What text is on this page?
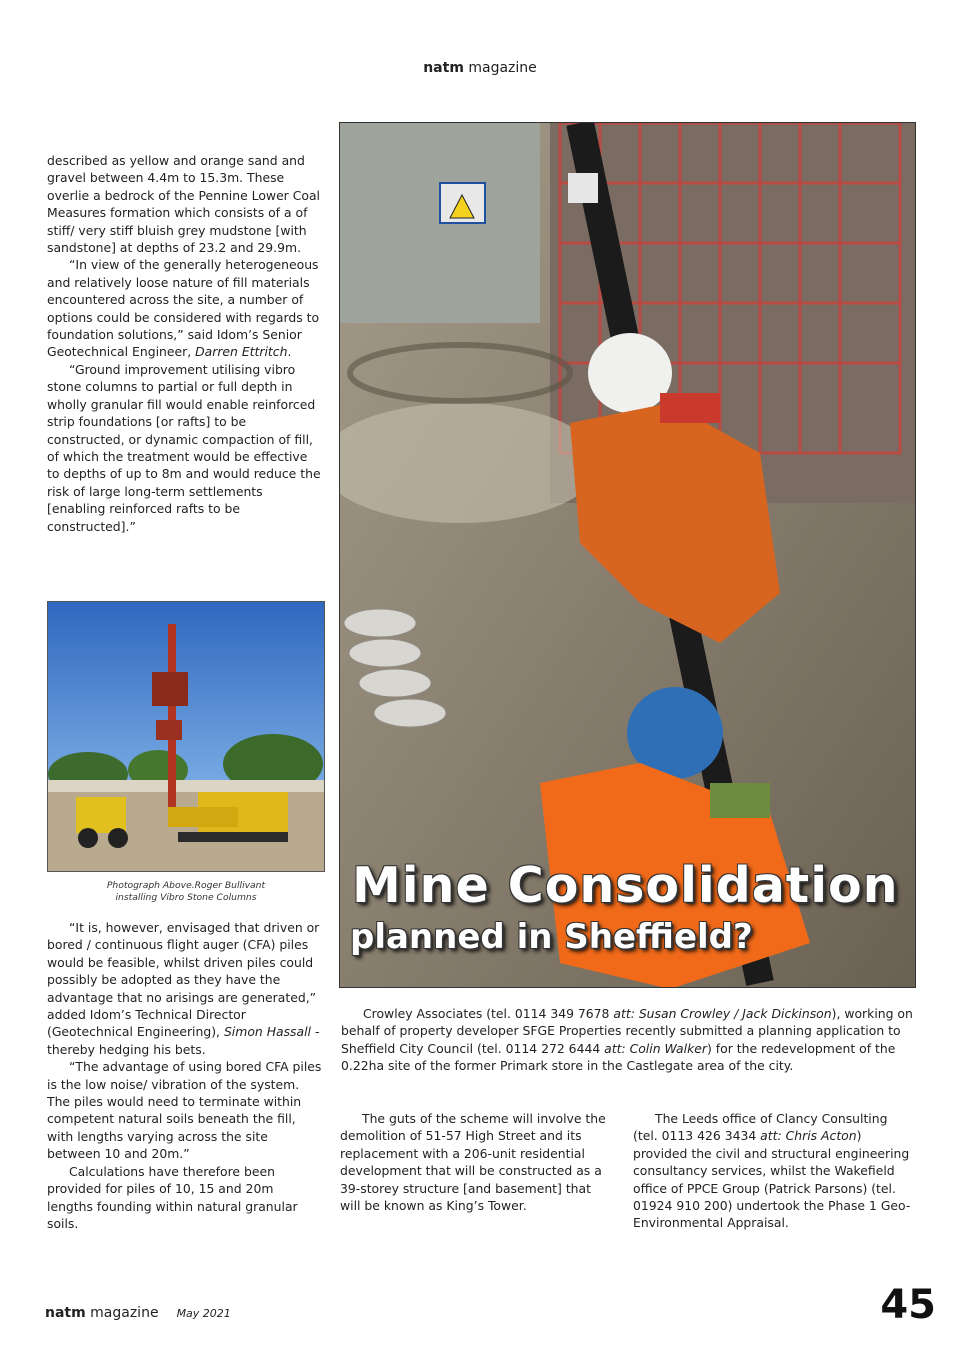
natm magazine

described as yellow and orange sand and gravel between 4.4m to 15.3m. These overlie a bedrock of the Pennine Lower Coal Measures formation which consists of a of stiff/ very stiff bluish grey mudstone [with sandstone] at depths of 23.2 and 29.9m.

“In view of the generally heterogeneous and relatively loose nature of fill materials encountered across the site, a number of options could be considered with regards to foundation solutions,” said Idom’s Senior Geotechnical Engineer, Darren Ettritch.

“Ground improvement utilising vibro stone columns to partial or full depth in wholly granular fill would enable reinforced strip foundations [or rafts] to be constructed, or dynamic compaction of fill, of which the treatment would be effective to depths of up to 8m and would reduce the risk of large long-term settlements [enabling reinforced rafts to be constructed].”

Photograph Above.Roger Bullivant
installing Vibro Stone Columns

“It is, however, envisaged that driven or bored / continuous flight auger (CFA) piles would be feasible, whilst driven piles could possibly be adopted as they have the advantage that no arisings are generated,” added Idom’s Technical Director (Geotechnical Engineering), Simon Hassall - thereby hedging his bets.

“The advantage of using bored CFA piles is the low noise/ vibration of the system. The piles would need to terminate within competent natural soils beneath the fill, with lengths varying across the site between 10 and 20m.”

Calculations have therefore been provided for piles of 10, 15 and 20m lengths founding within natural granular soils.

Mine Consolidation
planned in Sheffield?

Crowley Associates (tel. 0114 349 7678 att: Susan Crowley / Jack Dickinson), working on behalf of property developer SFGE Properties recently submitted a planning application to Sheffield City Council (tel. 0114 272 6444 att: Colin Walker) for the redevelopment of the 0.22ha site of the former Primark store in the Castlegate area of the city.

The guts of the scheme will involve the demolition of 51-57 High Street and its replacement with a 206-unit residential development that will be constructed as a 39-storey structure [and basement] that will be known as King’s Tower.

The Leeds office of Clancy Consulting (tel. 0113 426 3434 att: Chris Acton) provided the civil and structural engineering consultancy services, whilst the Wakefield office of PPCE Group (Patrick Parsons) (tel. 01924 910 200) undertook the Phase 1 Geo-Environmental Appraisal.

natm magazine May 2021	45
